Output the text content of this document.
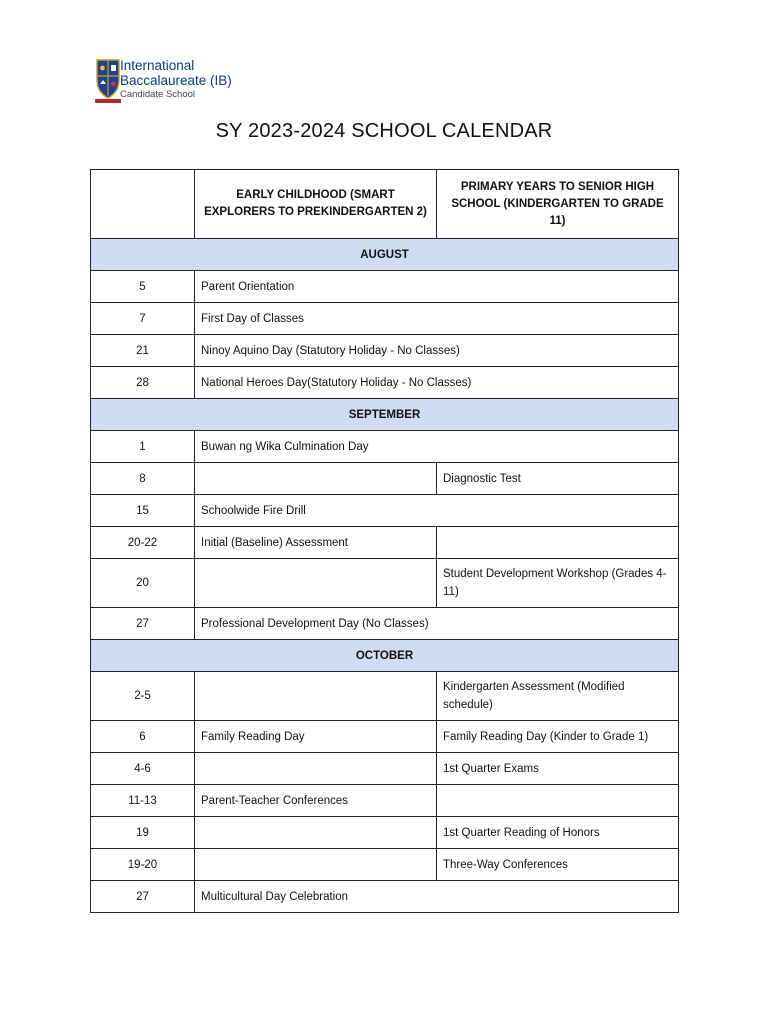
International
Baccalaureate (IB)
Candidate School
SY 2023-2024 SCHOOL CALENDAR
	EARLY CHILDHOOD (SMART EXPLORERS TO PREKINDERGARTEN 2)	PRIMARY YEARS TO SENIOR HIGH SCHOOL (KINDERGARTEN TO GRADE 11)
AUGUST		
5	Parent Orientation	
7	First Day of Classes	
21	Ninoy Aquino Day (Statutory Holiday - No Classes)	
28	National Heroes Day(Statutory Holiday - No Classes)	
SEPTEMBER		
1	Buwan ng Wika Culmination Day	
8		Diagnostic Test
15	Schoolwide Fire Drill	
20-22	Initial (Baseline) Assessment	
20		Student Development Workshop (Grades 4-11)
27	Professional Development Day (No Classes)	
OCTOBER		
2-5		Kindergarten Assessment (Modified schedule)
6	Family Reading Day	Family Reading Day (Kinder to Grade 1)
4-6		1st Quarter Exams
11-13	Parent-Teacher Conferences	
19		1st Quarter Reading of Honors
19-20		Three-Way Conferences
27	Multicultural Day Celebration	
